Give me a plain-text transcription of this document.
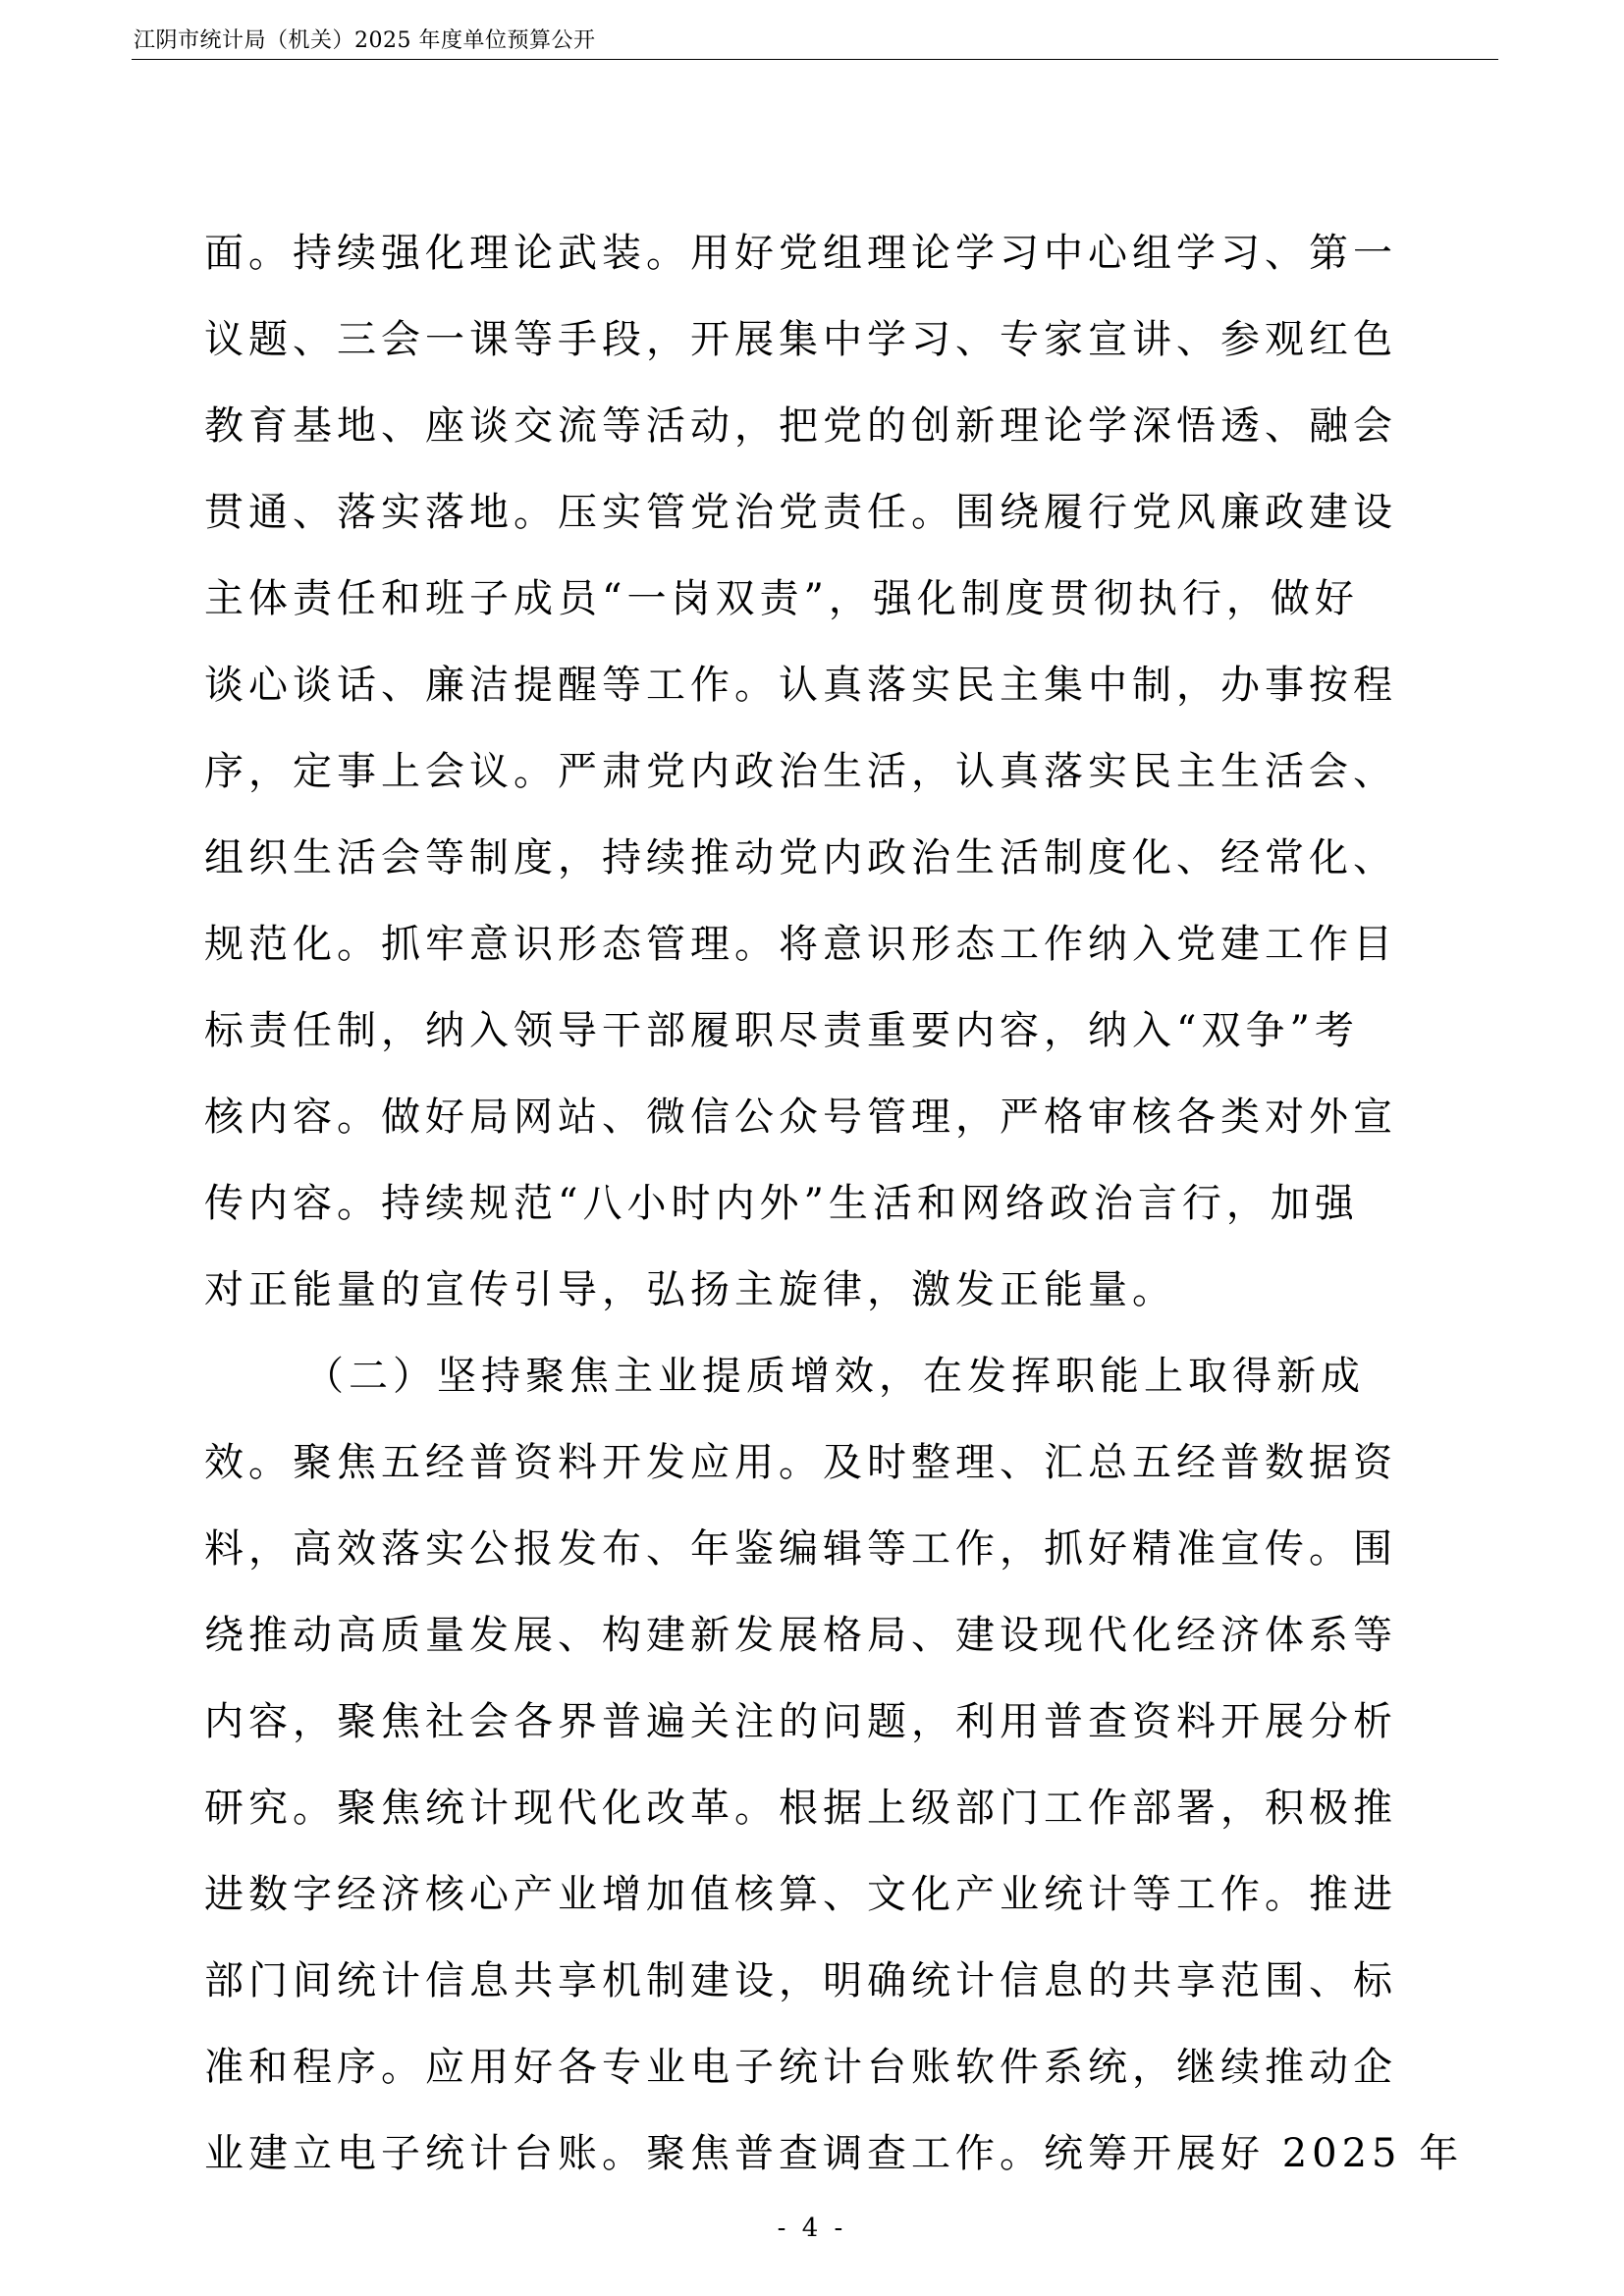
江阴市统计局（机关）2025 年度单位预算公开
面。持续强化理论武装。用好党组理论学习中心组学习、第一
议题、三会一课等手段，开展集中学习、专家宣讲、参观红色
教育基地、座谈交流等活动，把党的创新理论学深悟透、融会
贯通、落实落地。压实管党治党责任。围绕履行党风廉政建设
主体责任和班子成员“一岗双责”，强化制度贯彻执行，做好
谈心谈话、廉洁提醒等工作。认真落实民主集中制，办事按程
序，定事上会议。严肃党内政治生活，认真落实民主生活会、
组织生活会等制度，持续推动党内政治生活制度化、经常化、
规范化。抓牢意识形态管理。将意识形态工作纳入党建工作目
标责任制，纳入领导干部履职尽责重要内容，纳入“双争”考
核内容。做好局网站、微信公众号管理，严格审核各类对外宣
传内容。持续规范“八小时内外”生活和网络政治言行，加强
对正能量的宣传引导，弘扬主旋律，激发正能量。
（二）坚持聚焦主业提质增效，在发挥职能上取得新成
效。聚焦五经普资料开发应用。及时整理、汇总五经普数据资
料，高效落实公报发布、年鉴编辑等工作，抓好精准宣传。围
绕推动高质量发展、构建新发展格局、建设现代化经济体系等
内容，聚焦社会各界普遍关注的问题，利用普查资料开展分析
研究。聚焦统计现代化改革。根据上级部门工作部署，积极推
进数字经济核心产业增加值核算、文化产业统计等工作。推进
部门间统计信息共享机制建设，明确统计信息的共享范围、标
准和程序。应用好各专业电子统计台账软件系统，继续推动企
业建立电子统计台账。聚焦普查调查工作。统筹开展好 2025 年
- 4 -
